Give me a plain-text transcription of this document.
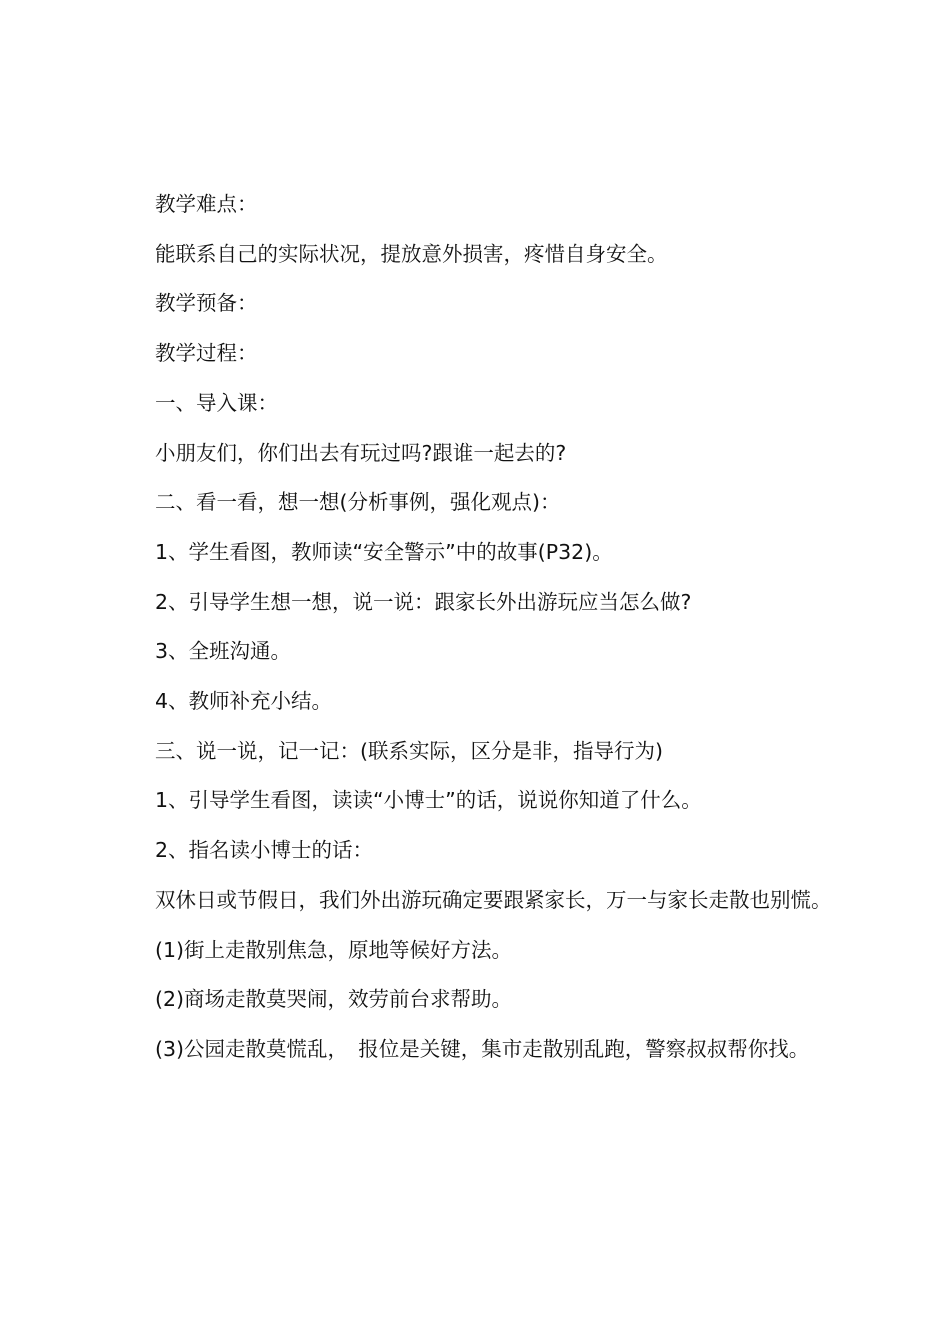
教学难点：

能联系自己的实际状况，提放意外损害，疼惜自身安全。

教学预备：

教学过程：

一、导入课：

小朋友们，你们出去有玩过吗?跟谁一起去的?

二、看一看，想一想(分析事例，强化观点)：

1、学生看图，教师读“安全警示”中的故事(P32)。

2、引导学生想一想，说一说：跟家长外出游玩应当怎么做?

3、全班沟通。

4、教师补充小结。

三、说一说，记一记：(联系实际，区分是非，指导行为)

1、引导学生看图，读读“小博士”的话，说说你知道了什么。

2、指名读小博士的话：

双休日或节假日，我们外出游玩确定要跟紧家长，万一与家长走散也别慌。

(1)街上走散别焦急，原地等候好方法。

(2)商场走散莫哭闹，效劳前台求帮助。

(3)公园走散莫慌乱，　报位是关键，集市走散别乱跑，警察叔叔帮你找。
